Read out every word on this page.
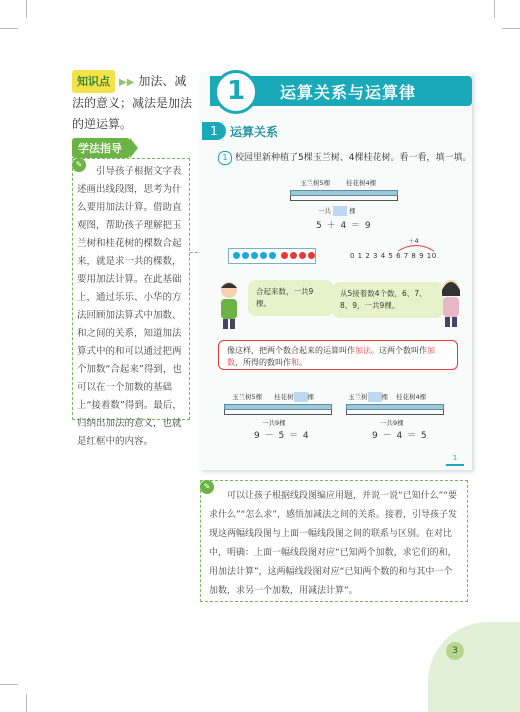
知识点 ▶▶ 加法、减法的意义；减法是加法的逆运算。
学法指导
引导孩子根据文字表述画出线段图，思考为什么要用加法计算。借助直观图，帮助孩子理解把玉兰树和桂花树的棵数合起来，就是求一共的棵数，要用加法计算。在此基础上，通过乐乐、小华的方法回顾加法算式中加数、和之间的关系，知道加法算式中的和可以通过把两个加数“合起来”得到，也可以在一个加数的基础上“接着数”得到。最后，归纳出加法的意义，也就是红框中的内容。
✎
运算关系与运算律
1
1	运算关系
1 校园里新种植了5棵玉兰树、4棵桂花树。看一看，填一填。
玉兰树5棵 桂花树4棵
一共	棵
5 ＋ 4 ＝ 9
＋4
0 1 2 3 4 5 6 7 8 9 10
合起来数，一共9棵。
从5接着数4个数，6、7、8、9，一共9棵。
像这样，把两个数合起来的运算叫作加法。这两个数叫作加数，所得的数叫作和。
玉兰树5棵 桂花树 棵
一共9棵
9 － 5 ＝ 4
玉兰树 棵 桂花树4棵
一共9棵
9 － 4 ＝ 5
1
可以让孩子根据线段图编应用题，并说一说“已知什么”“要求什么”“怎么求”，感悟加减法之间的关系。接着，引导孩子发现这两幅线段图与上面一幅线段图之间的联系与区别。在对比中，明确：上面一幅线段图对应“已知两个加数，求它们的和，用加法计算”，这两幅线段图对应“已知两个数的和与其中一个加数，求另一个加数，用减法计算”。
✎
3
